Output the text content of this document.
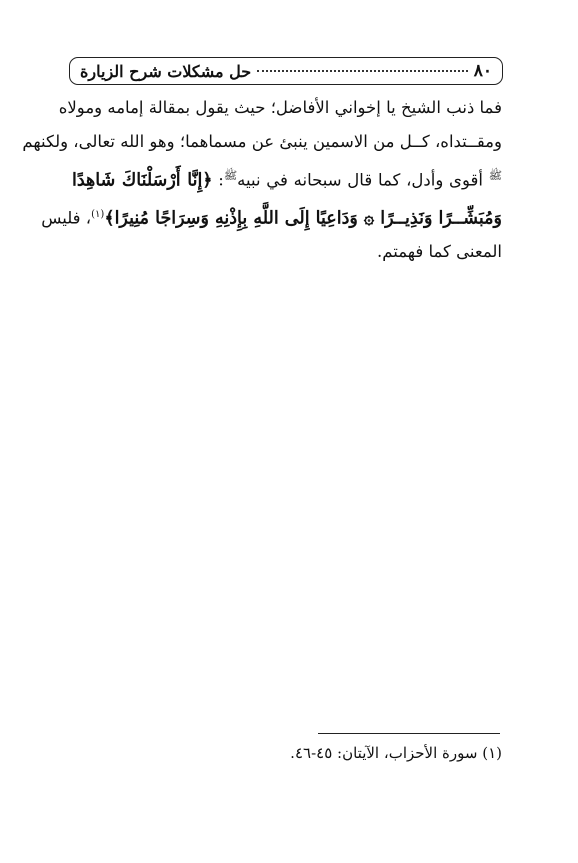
٨٠
حل مشكلات شرح الزيارة
فما ذنب الشيخ يا إخواني الأفاضل؛ حيث يقول بمقالة إمامه ومولاه
ومقــتداه، كــل من الاسمين ينبئ عن مسماهما؛ وهو الله تعالى، ولكنهم
$^ﷺ$ أقوى وأدل، كما قال سبحانه في نبيه$^ﷺ$: ﴿إِنَّا أَرْسَلْنَاكَ شَاهِدًا
وَمُبَشِّــرًا وَنَذِيــرًا ۞ وَدَاعِيًا إِلَى اللَّهِ بِإِذْنِهِ وَسِرَاجًا مُنِيرًا﴾$^{(١)}$، فليس
المعنى كما فهمتم.
(١) سورة الأحزاب، الآيتان: ٤٥-٤٦.
